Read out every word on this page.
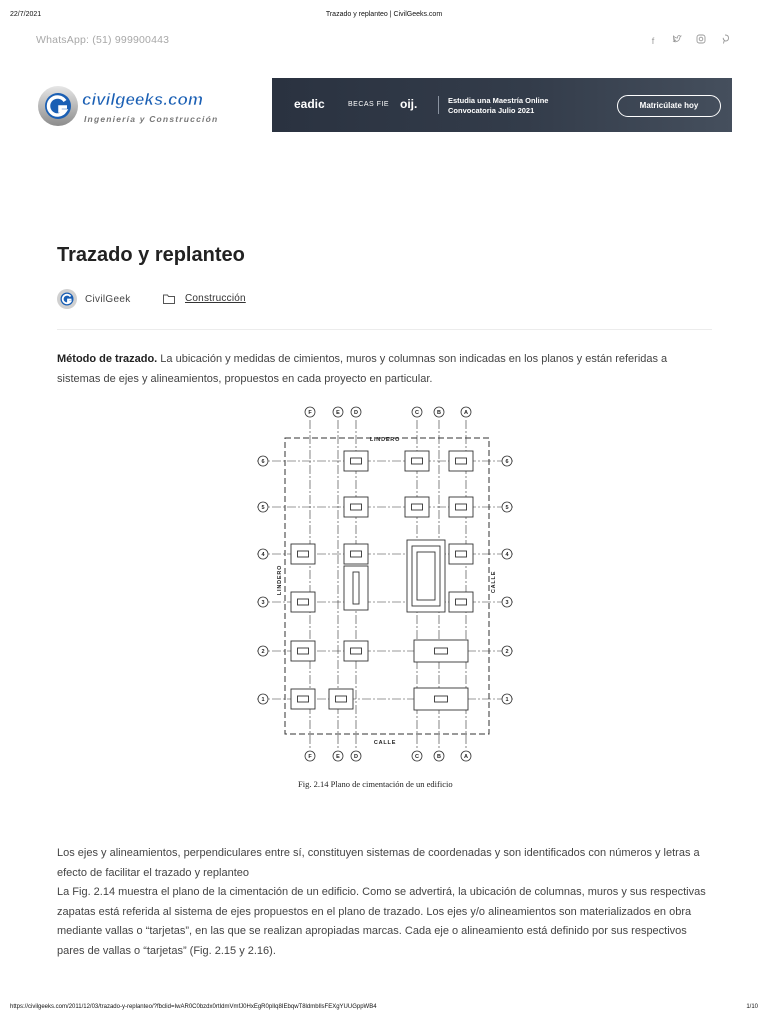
22/7/2021	Trazado y replanteo | CivilGeeks.com
WhatsApp: (51) 999900443	f
civilgeeks.com
Ingeniería y Construcción
eadic	BECAS FIE oij.	Estudia una Maestría Online
Convocatoria Julio 2021
Matricúlate hoy
Trazado y replanteo
CivilGeek	Construcción

Método de trazado. La ubicación y medidas de cimientos, muros y columnas son indicadas en los planos y están referidas a sistemas de ejes y alineamientos, propuestos en cada proyecto en particular.

F
F
E
E
D
D
C
C
B
B
A
A
6	6
5	5
4	4
3	3
2	2
1	1
LINDERO
CALLE
LINDERO	CALLE
Fig. 2.14 Plano de cimentación de un edificio
Los ejes y alineamientos, perpendiculares entre sí, constituyen sistemas de coordenadas y son identificados con números y letras a efecto de facilitar el trazado y replanteo
La Fig. 2.14 muestra el plano de la cimentación de un edificio. Como se advertirá, la ubicación de columnas, muros y sus respectivas zapatas está referida al sistema de ejes propuestos en el plano de trazado. Los ejes y/o alineamientos son materializados en obra mediante vallas o “tarjetas”, en las que se realizan apropiadas marcas. Cada eje o alineamiento está definido por sus respectivos pares de vallas o “tarjetas” (Fig. 2.15 y 2.16).
https://civilgeeks.com/2011/12/03/trazado-y-replanteo/?fbclid=IwAR0C0bzdx0rtIdmVmfJ0HxEgR0pIlq8IEbqwT8ldmbIlsFEXgYUUGppWB4	1/10
